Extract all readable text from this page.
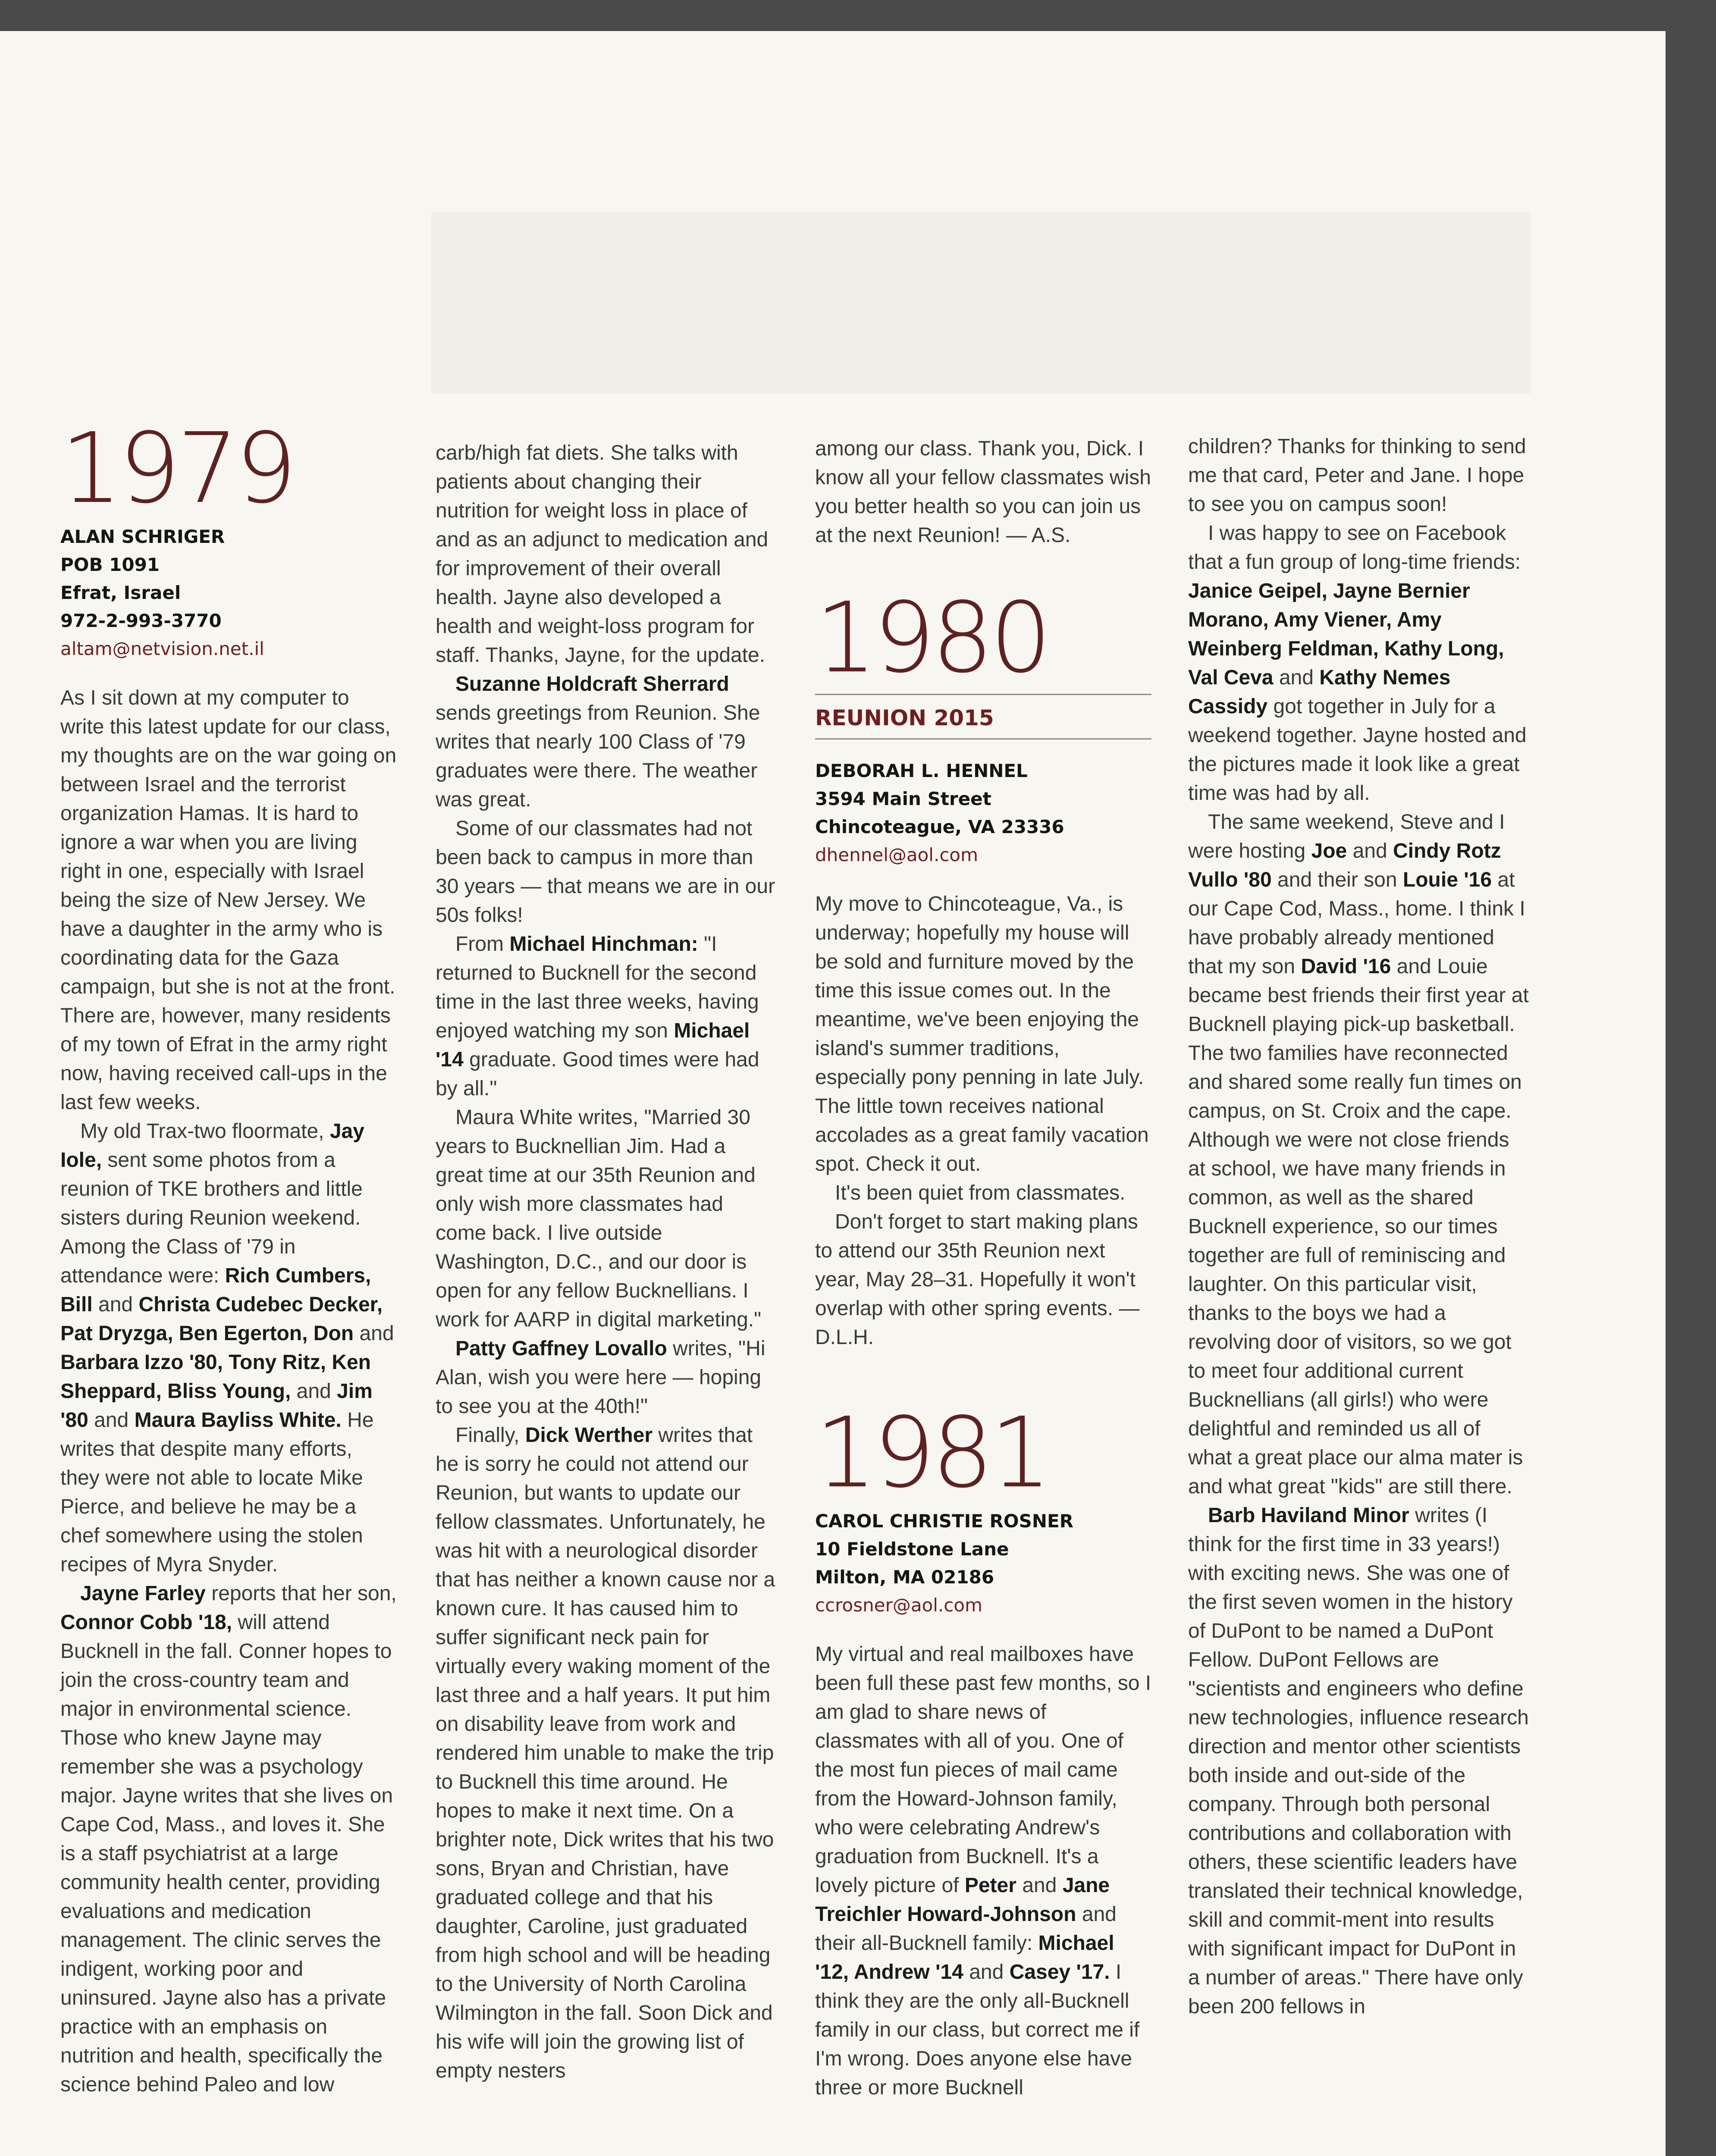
1979
ALAN SCHRIGER
POB 1091
Efrat, Israel
972-2-993-3770
altam@netvision.net.il

As I sit down at my computer to write this latest update for our class, my thoughts are on the war going on between Israel and the terrorist organization Hamas. It is hard to ignore a war when you are living right in one, especially with Israel being the size of New Jersey. We have a daughter in the army who is coordinating data for the Gaza campaign, but she is not at the front. There are, however, many residents of my town of Efrat in the army right now, having received call-ups in the last few weeks.

My old Trax-two floormate, Jay Iole, sent some photos from a reunion of TKE brothers and little sisters during Reunion weekend. Among the Class of '79 in attendance were: Rich Cumbers, Bill and Christa Cudebec Decker, Pat Dryzga, Ben Egerton, Don and Barbara Izzo '80, Tony Ritz, Ken Sheppard, Bliss Young, and Jim '80 and Maura Bayliss White. He writes that despite many efforts, they were not able to locate Mike Pierce, and believe he may be a chef somewhere using the stolen recipes of Myra Snyder.

Jayne Farley reports that her son, Connor Cobb '18, will attend Bucknell in the fall. Conner hopes to join the cross-country team and major in environmental science. Those who knew Jayne may remember she was a psychology major. Jayne writes that she lives on Cape Cod, Mass., and loves it. She is a staff psychiatrist at a large community health center, providing evaluations and medication management. The clinic serves the indigent, working poor and uninsured. Jayne also has a private practice with an emphasis on nutrition and health, specifically the science behind Paleo and low

carb/high fat diets. She talks with patients about changing their nutrition for weight loss in place of and as an adjunct to medication and for improvement of their overall health. Jayne also developed a health and weight-loss program for staff. Thanks, Jayne, for the update.

Suzanne Holdcraft Sherrard sends greetings from Reunion. She writes that nearly 100 Class of '79 graduates were there. The weather was great.

Some of our classmates had not been back to campus in more than 30 years — that means we are in our 50s folks!

From Michael Hinchman: "I returned to Bucknell for the second time in the last three weeks, having enjoyed watching my son Michael '14 graduate. Good times were had by all."

Maura White writes, "Married 30 years to Bucknellian Jim. Had a great time at our 35th Reunion and only wish more classmates had come back. I live outside Washington, D.C., and our door is open for any fellow Bucknellians. I work for AARP in digital marketing."

Patty Gaffney Lovallo writes, "Hi Alan, wish you were here — hoping to see you at the 40th!"

Finally, Dick Werther writes that he is sorry he could not attend our Reunion, but wants to update our fellow classmates. Unfortunately, he was hit with a neurological disorder that has neither a known cause nor a known cure. It has caused him to suffer significant neck pain for virtually every waking moment of the last three and a half years. It put him on disability leave from work and rendered him unable to make the trip to Bucknell this time around. He hopes to make it next time. On a brighter note, Dick writes that his two sons, Bryan and Christian, have graduated college and that his daughter, Caroline, just graduated from high school and will be heading to the University of North Carolina Wilmington in the fall. Soon Dick and his wife will join the growing list of empty nesters

among our class. Thank you, Dick. I know all your fellow classmates wish you better health so you can join us at the next Reunion! — A.S.

1980
REUNION 2015
DEBORAH L. HENNEL
3594 Main Street
Chincoteague, VA 23336
dhennel@aol.com

My move to Chincoteague, Va., is underway; hopefully my house will be sold and furniture moved by the time this issue comes out. In the meantime, we've been enjoying the island's summer traditions, especially pony penning in late July. The little town receives national accolades as a great family vacation spot. Check it out.

It's been quiet from classmates.

Don't forget to start making plans to attend our 35th Reunion next year, May 28–31. Hopefully it won't overlap with other spring events. — D.L.H.

1981
CAROL CHRISTIE ROSNER
10 Fieldstone Lane
Milton, MA 02186
ccrosner@aol.com

My virtual and real mailboxes have been full these past few months, so I am glad to share news of classmates with all of you. One of the most fun pieces of mail came from the Howard-Johnson family, who were celebrating Andrew's graduation from Bucknell. It's a lovely picture of Peter and Jane Treichler Howard-Johnson and their all-Bucknell family: Michael '12, Andrew '14 and Casey '17. I think they are the only all-Bucknell family in our class, but correct me if I'm wrong. Does anyone else have three or more Bucknell

children? Thanks for thinking to send me that card, Peter and Jane. I hope to see you on campus soon!

I was happy to see on Facebook that a fun group of long-time friends: Janice Geipel, Jayne Bernier Morano, Amy Viener, Amy Weinberg Feldman, Kathy Long, Val Ceva and Kathy Nemes Cassidy got together in July for a weekend together. Jayne hosted and the pictures made it look like a great time was had by all.

The same weekend, Steve and I were hosting Joe and Cindy Rotz Vullo '80 and their son Louie '16 at our Cape Cod, Mass., home. I think I have probably already mentioned that my son David '16 and Louie became best friends their first year at Bucknell playing pick-up basketball. The two families have reconnected and shared some really fun times on campus, on St. Croix and the cape. Although we were not close friends at school, we have many friends in common, as well as the shared Bucknell experience, so our times together are full of reminiscing and laughter. On this particular visit, thanks to the boys we had a revolving door of visitors, so we got to meet four additional current Bucknellians (all girls!) who were delightful and reminded us all of what a great place our alma mater is and what great "kids" are still there.

Barb Haviland Minor writes (I think for the first time in 33 years!) with exciting news. She was one of the first seven women in the history of DuPont to be named a DuPont Fellow. DuPont Fellows are "scientists and engineers who define new technologies, influence research direction and mentor other scientists both inside and out-side of the company. Through both personal contributions and collaboration with others, these scientific leaders have translated their technical knowledge, skill and commit-ment into results with significant impact for DuPont in a number of areas." There have only been 200 fellows in
